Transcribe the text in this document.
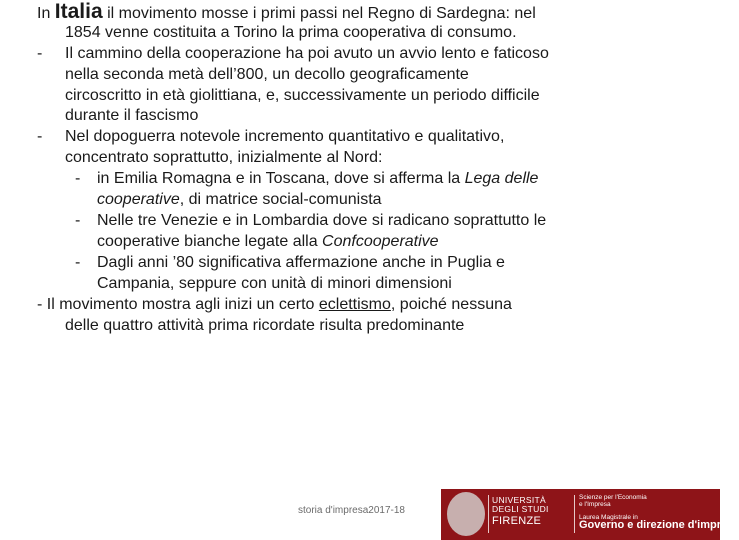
In Italia il movimento mosse i primi passi nel Regno di Sardegna: nel
1854 venne costituita a Torino la prima cooperativa di consumo.
- Il cammino della cooperazione ha poi avuto un avvio lento e faticoso
nella seconda metà dell’800, un decollo geograficamente
circoscritto in età giolittiana, e, successivamente un periodo difficile
durante il fascismo
- Nel dopoguerra notevole incremento quantitativo e qualitativo,
concentrato soprattutto, inizialmente al Nord:
- in Emilia Romagna e in Toscana, dove si afferma la Lega delle
cooperative, di matrice social-comunista
- Nelle tre Venezie e in Lombardia dove si radicano soprattutto le
cooperative bianche legate alla Confcooperative
- Dagli anni ’80 significativa affermazione anche in Puglia e
Campania, seppure con unità di minori dimensioni
- Il movimento mostra agli inizi un certo eclettismo, poiché nessuna
delle quattro attività prima ricordate risulta predominante
storia d'impresa2017-18
UNIVERSITÀ
DEGLI STUDI
FIRENZE
Scienze per l'Economia
e l'Impresa
Laurea Magistrale in
Governo e direzione d'impresa
